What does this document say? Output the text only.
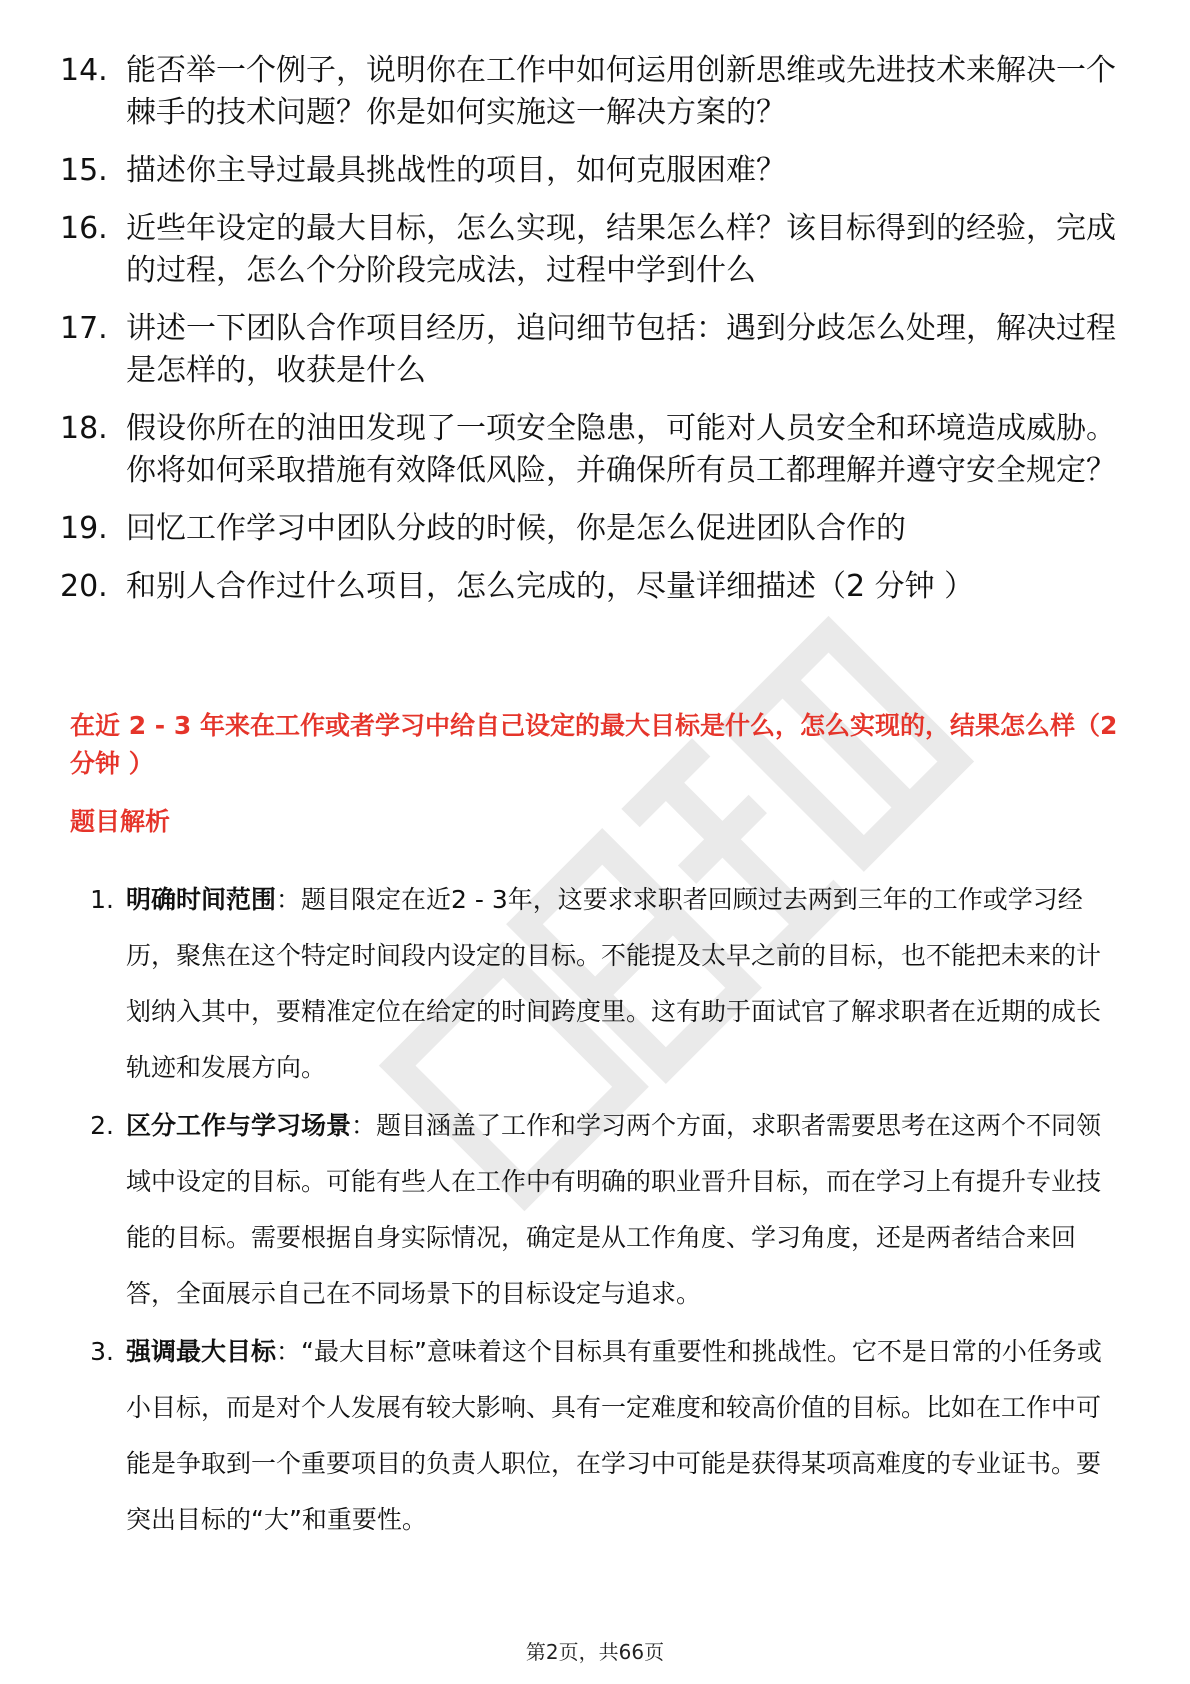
14. 能否举一个例子，说明你在工作中如何运用创新思维或先进技术来解决一个棘手的技术问题？你是如何实施这一解决方案的？
15. 描述你主导过最具挑战性的项目，如何克服困难？
16. 近些年设定的最大目标，怎么实现，结果怎么样？该目标得到的经验，完成的过程，怎么个分阶段完成法，过程中学到什么
17. 讲述一下团队合作项目经历，追问细节包括：遇到分歧怎么处理，解决过程是怎样的，收获是什么
18. 假设你所在的油田发现了一项安全隐患，可能对人员安全和环境造成威胁。你将如何采取措施有效降低风险，并确保所有员工都理解并遵守安全规定？
19. 回忆工作学习中团队分歧的时候，你是怎么促进团队合作的
20. 和别人合作过什么项目，怎么完成的，尽量详细描述（2 分钟 ）
在近 2 - 3 年来在工作或者学习中给自己设定的最大目标是什么，怎么实现的，结果怎么样（2 分钟 ）
题目解析
1. 明确时间范围：题目限定在近2 - 3年，这要求求职者回顾过去两到三年的工作或学习经历，聚焦在这个特定时间段内设定的目标。不能提及太早之前的目标，也不能把未来的计划纳入其中，要精准定位在给定的时间跨度里。这有助于面试官了解求职者在近期的成长轨迹和发展方向。
2. 区分工作与学习场景：题目涵盖了工作和学习两个方面，求职者需要思考在这两个不同领域中设定的目标。可能有些人在工作中有明确的职业晋升目标，而在学习上有提升专业技能的目标。需要根据自身实际情况，确定是从工作角度、学习角度，还是两者结合来回答，全面展示自己在不同场景下的目标设定与追求。
3. 强调最大目标：“最大目标”意味着这个目标具有重要性和挑战性。它不是日常的小任务或小目标，而是对个人发展有较大影响、具有一定难度和较高价值的目标。比如在工作中可能是争取到一个重要项目的负责人职位，在学习中可能是获得某项高难度的专业证书。要突出目标的“大”和重要性。
第2页，共66页
